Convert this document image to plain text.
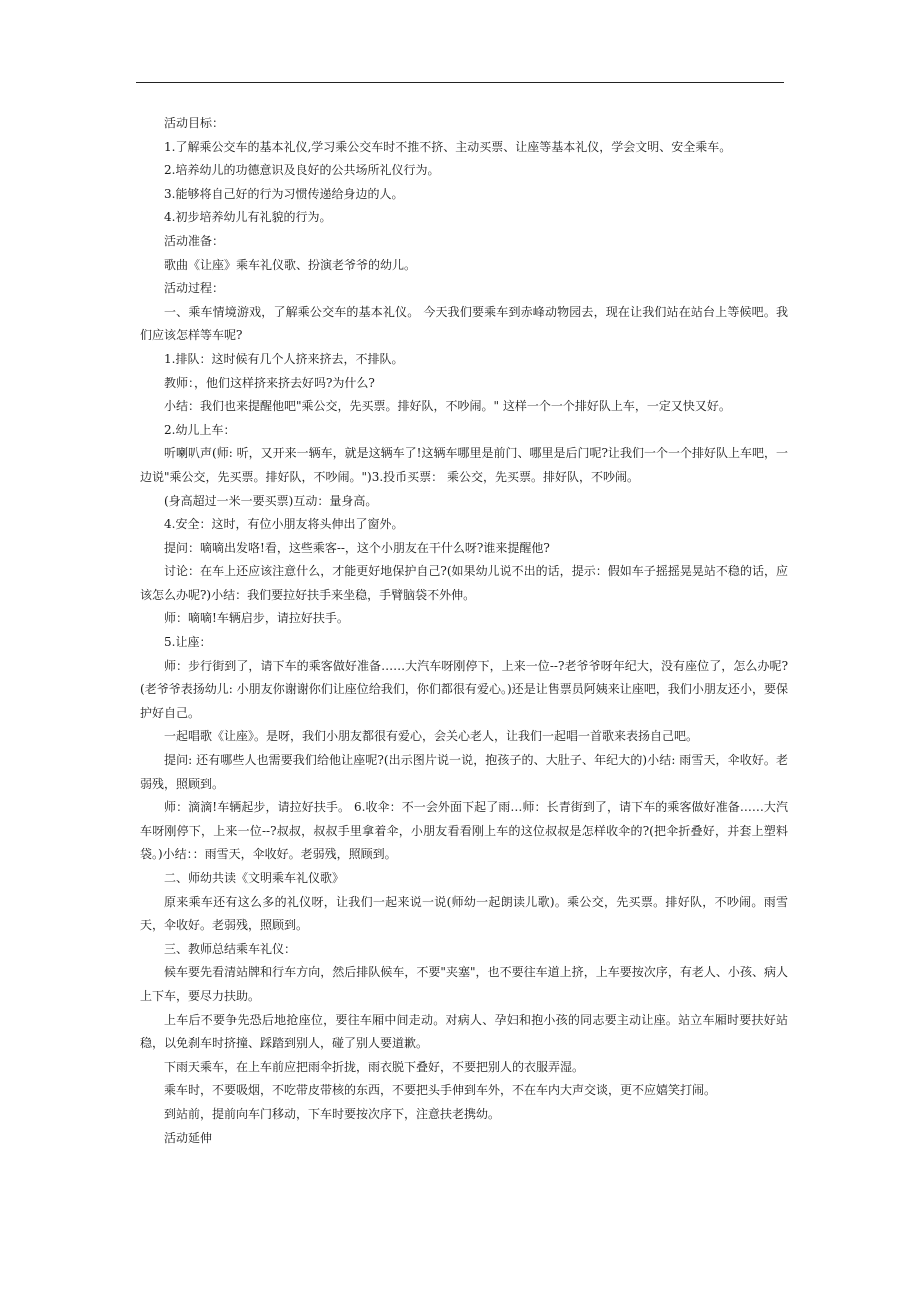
活动目标：

1.了解乘公交车的基本礼仪,学习乘公交车时不推不挤、主动买票、让座等基本礼仪，学会文明、安全乘车。

2.培养幼儿的功德意识及良好的公共场所礼仪行为。

3.能够将自己好的行为习惯传递给身边的人。

4.初步培养幼儿有礼貌的行为。

活动准备：

歌曲《让座》乘车礼仪歌、扮演老爷爷的幼儿。

活动过程：

一、乘车情境游戏，了解乘公交车的基本礼仪。 今天我们要乘车到赤峰动物园去，现在让我们站在站台上等候吧。我们应该怎样等车呢?

1.排队：这时候有几个人挤来挤去，不排队。

教师：，他们这样挤来挤去好吗?为什么?

小结：我们也来提醒他吧"乘公交，先买票。排好队，不吵闹。" 这样一个一个排好队上车，一定又快又好。

2.幼儿上车：

听喇叭声(师: 听，又开来一辆车，就是这辆车了!这辆车哪里是前门、哪里是后门呢?让我们一个一个排好队上车吧，一边说"乘公交，先买票。排好队，不吵闹。")3.投币买票： 乘公交，先买票。排好队，不吵闹。

(身高超过一米一要买票)互动：量身高。

4.安全：这时，有位小朋友将头伸出了窗外。

提问：嘀嘀出发咯!看，这些乘客--，这个小朋友在干什么呀?谁来提醒他?

讨论：在车上还应该注意什么，才能更好地保护自己?(如果幼儿说不出的话，提示：假如车子摇摇晃晃站不稳的话，应该怎么办呢?)小结：我们要拉好扶手来坐稳，手臂脑袋不外伸。

师：嘀嘀!车辆启步，请拉好扶手。

5.让座：

师：步行街到了，请下车的乘客做好准备……大汽车呀刚停下，上来一位--?老爷爷呀年纪大，没有座位了，怎么办呢?(老爷爷表扬幼儿: 小朋友你谢谢你们让座位给我们，你们都很有爱心。)还是让售票员阿姨来让座吧，我们小朋友还小，要保护好自己。

一起唱歌《让座》。是呀，我们小朋友都很有爱心，会关心老人，让我们一起唱一首歌来表扬自己吧。

提问: 还有哪些人也需要我们给他让座呢?(出示图片说一说，抱孩子的、大肚子、年纪大的)小结: 雨雪天，伞收好。老弱残，照顾到。

师：滴滴!车辆起步，请拉好扶手。 6.收伞：不一会外面下起了雨…师：长青街到了，请下车的乘客做好准备……大汽车呀刚停下，上来一位--?叔叔，叔叔手里拿着伞，小朋友看看刚上车的这位叔叔是怎样收伞的?(把伞折叠好，并套上塑料袋。)小结：：雨雪天，伞收好。老弱残，照顾到。

二、师幼共读《文明乘车礼仪歌》

原来乘车还有这么多的礼仪呀，让我们一起来说一说(师幼一起朗读儿歌)。乘公交，先买票。排好队，不吵闹。雨雪天，伞收好。老弱残，照顾到。

三、教师总结乘车礼仪：

候车要先看清站牌和行车方向，然后排队候车，不要"夹塞"，也不要往车道上挤，上车要按次序，有老人、小孩、病人上下车，要尽力扶助。

上车后不要争先恐后地抢座位，要往车厢中间走动。对病人、孕妇和抱小孩的同志要主动让座。站立车厢时要扶好站稳，以免刹车时挤撞、踩踏到别人，碰了别人要道歉。

下雨天乘车，在上车前应把雨伞折拢，雨衣脱下叠好，不要把别人的衣服弄湿。

乘车时，不要吸烟，不吃带皮带核的东西，不要把头手伸到车外，不在车内大声交谈，更不应嬉笑打闹。

到站前，提前向车门移动，下车时要按次序下，注意扶老携幼。

活动延伸
